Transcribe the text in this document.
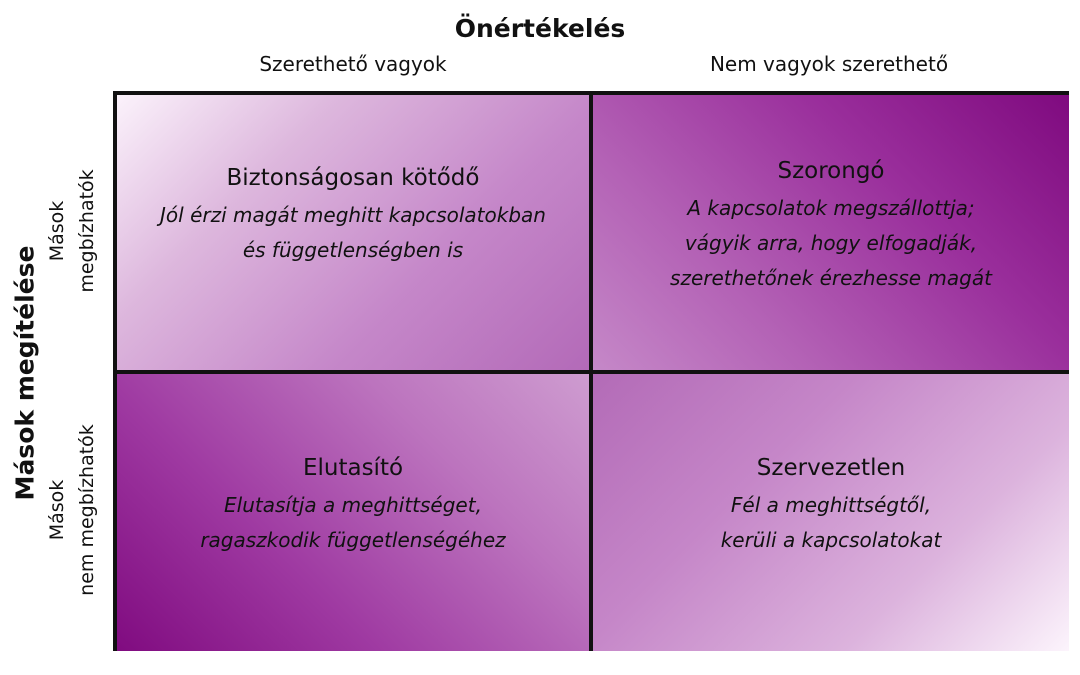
Önértékelés
Szerethető vagyok	Nem vagyok szerethető
Mások megítélése
Mások megbízhatók
Mások nem megbízhatók
Biztonságosan kötődő
Jól érzi magát meghitt kapcsolatokban
és függetlenségben is
Szorongó
A kapcsolatok megszállottja;
vágyik arra, hogy elfogadják,
szerethetőnek érezhesse magát
Elutasító
Elutasítja a meghittséget,
ragaszkodik függetlenségéhez
Szervezetlen
Fél a meghittségtől,
kerüli a kapcsolatokat
